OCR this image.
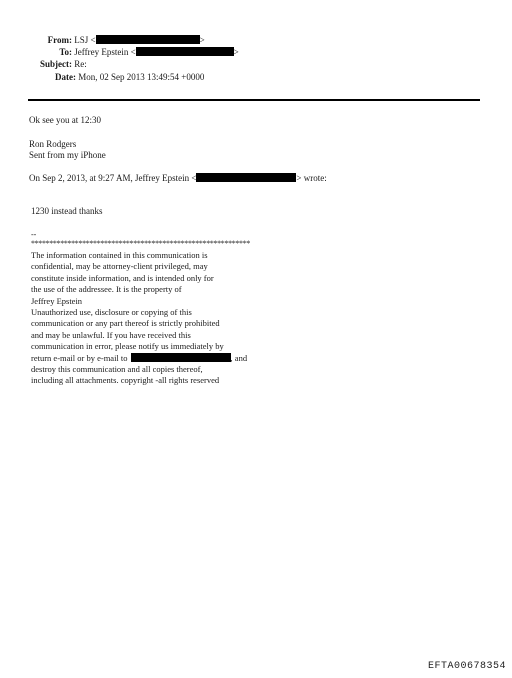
From: LSJ <	>
To: Jeffrey Epstein <	>
Subject: Re:
Date: Mon, 02 Sep 2013 13:49:54 +0000
Ok see you at 12:30
Ron Rodgers
Sent from my iPhone
On Sep 2, 2013, at 9:27 AM, Jeffrey Epstein <	> wrote:
1230 instead thanks
--
************************************************************
The information contained in this communication is
confidential, may be attorney-client privileged, may
constitute inside information, and is intended only for
the use of the addressee. It is the property of
Jeffrey Epstein
Unauthorized use, disclosure or copying of this
communication or any part thereof is strictly prohibited
and may be unlawful. If you have received this
communication in error, please notify us immediately by
return e-mail or by e-mail to	, and
destroy this communication and all copies thereof,
including all attachments. copyright -all rights reserved
EFTA00678354
